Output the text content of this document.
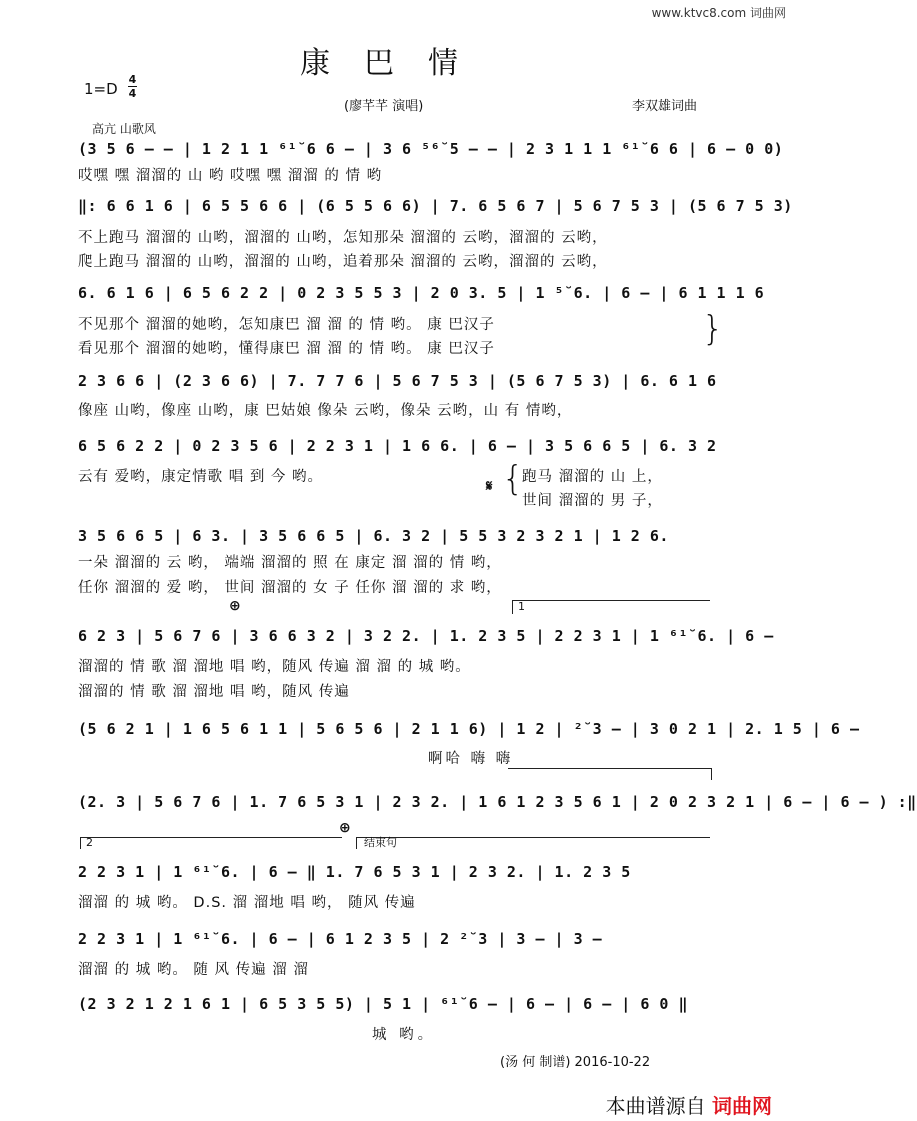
www.ktvc8.com 词曲网
康巴情
1=D
4
4
(廖芊芊 演唱)	李双雄词曲
高亢 山歌风
(3 5 6 – – | 1 2 1 1 ⁶¹˘6 6 – | 3 6 ⁵⁶˘5 – – | 2 3 1 1 1 ⁶¹˘6 6 | 6 – 0 0)
哎嘿 嘿 溜溜的 山 哟 哎嘿 嘿 溜溜 的 情 哟
‖: 6 6 1 6 | 6 5 5 6 6 | (6 5 5 6 6) | 7. 6 5 6 7 | 5 6 7 5 3 | (5 6 7 5 3)
不上跑马 溜溜的 山哟，溜溜的 山哟，怎知那朵 溜溜的 云哟，溜溜的 云哟，
爬上跑马 溜溜的 山哟，溜溜的 山哟，追着那朵 溜溜的 云哟，溜溜的 云哟，
6. 6 1 6 | 6 5 6 2 2 | 0 2 3 5 5 3 | 2 0 3. 5 | 1 ⁵˘6. | 6 – | 6 1 1 1 6
不见那个 溜溜的她哟，怎知康巴 溜 溜 的 情 哟。 康 巴汉子
看见那个 溜溜的她哟，懂得康巴 溜 溜 的 情 哟。 康 巴汉子	}
2 3 6 6 | (2 3 6 6) | 7. 7 7 6 | 5 6 7 5 3 | (5 6 7 5 3) | 6. 6 1 6
像座 山哟，像座 山哟，康 巴姑娘 像朵 云哟，像朵 云哟，山 有 情哟，
6 5 6 2 2 | 0 2 3 5 6 | 2 2 3 1 | 1 6 6. | 6 – | 3 5 6 6 5 | 6. 3 2
云有 爱哟，康定情歌 唱 到 今 哟。	𝄋 {
跑马 溜溜的 山 上，
世间 溜溜的 男 子，
3 5 6 6 5 | 6 3. | 3 5 6 6 5 | 6. 3 2 | 5 5 3 2 3 2 1 | 1 2 6.
一朵 溜溜的 云 哟， 端端 溜溜的 照 在 康定 溜 溜的 情 哟，
任你 溜溜的 爱 哟， 世间 溜溜的 女 子 任你 溜 溜的 求 哟，
⊕	1
6 2 3 | 5 6 7 6 | 3 6 6 3 2 | 3 2 2. | 1. 2 3 5 | 2 2 3 1 | 1 ⁶¹˘6. | 6 –
溜溜的 情 歌 溜 溜地 唱 哟，随风 传遍 溜 溜 的 城 哟。
溜溜的 情 歌 溜 溜地 唱 哟，随风 传遍
(5 6 2 1 | 1 6 5 6 1 1 | 5 6 5 6 | 2 1 1 6) | 1 2 | ²˘3 – | 3 0 2 1 | 2. 1 5 | 6 –
啊哈 嗨 嗨
(2. 3 | 5 6 7 6 | 1. 7 6 5 3 1 | 2 3 2. | 1 6 1 2 3 5 6 1 | 2 0 2 3 2 1 | 6 – | 6 – ) :‖
⊕
2	结束句
2 2 3 1 | 1 ⁶¹˘6. | 6 – ‖ 1. 7 6 5 3 1 | 2 3 2. | 1. 2 3 5
溜溜 的 城 哟。 D.S. 溜 溜地 唱 哟， 随风 传遍
2 2 3 1 | 1 ⁶¹˘6. | 6 – | 6 1 2 3 5 | 2 ²˘3 | 3 – | 3 –
溜溜 的 城 哟。 随 风 传遍 溜 溜
(2 3 2 1 2 1 6 1 | 6 5 3 5 5) | 5 1 | ⁶¹˘6 – | 6 – | 6 – | 6 0 ‖
城 哟。
(汤 何 制谱) 2016-10-22
本曲谱源自 词曲网
